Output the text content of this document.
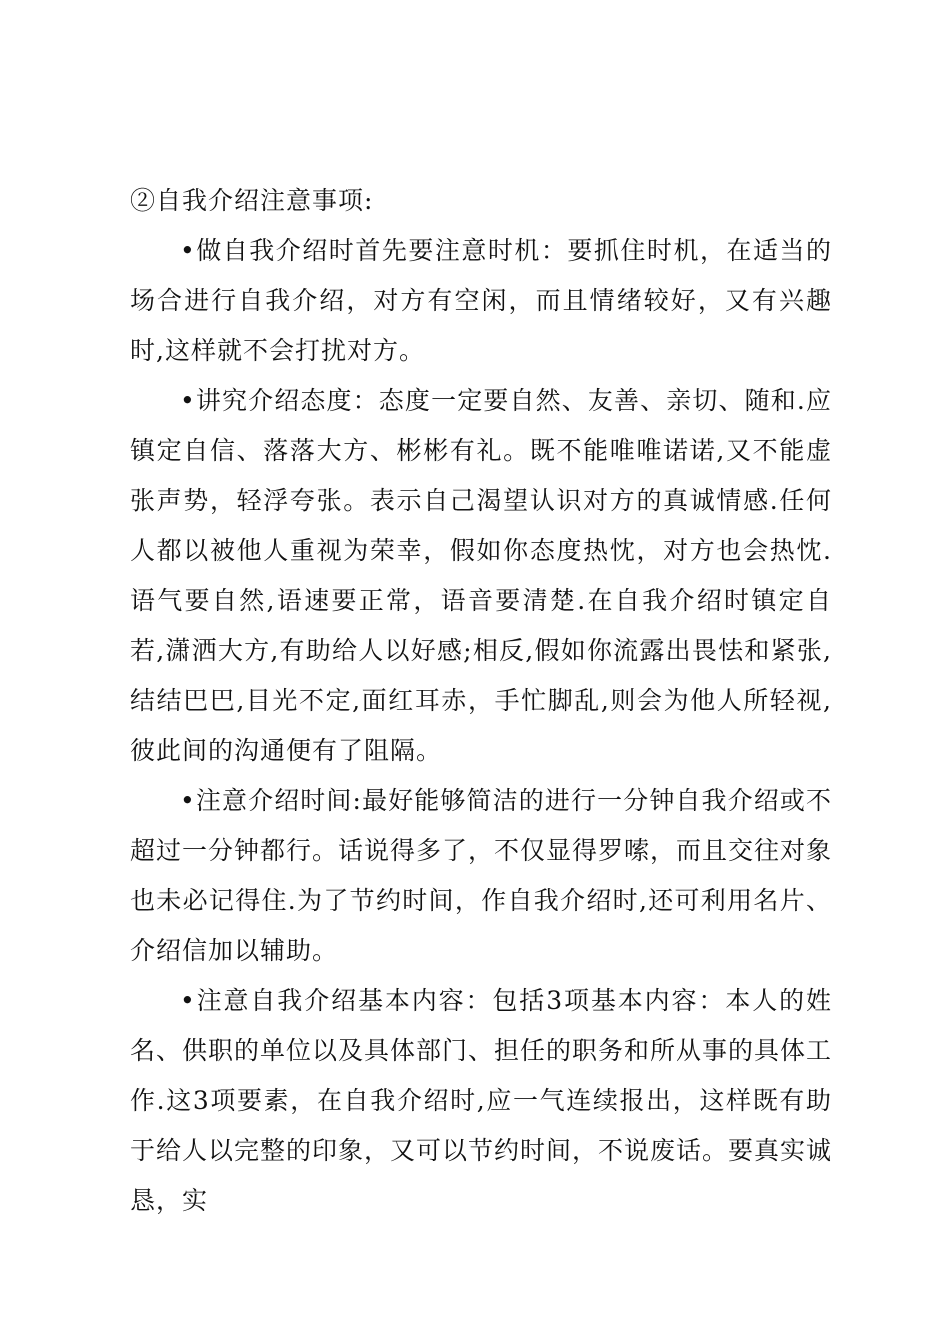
②自我介绍注意事项:

•做自我介绍时首先要注意时机：要抓住时机，在适当的场合进行自我介绍，对方有空闲，而且情绪较好，又有兴趣时,这样就不会打扰对方。

•讲究介绍态度：态度一定要自然、友善、亲切、随和.应镇定自信、落落大方、彬彬有礼。既不能唯唯诺诺,又不能虚张声势，轻浮夸张。表示自己渴望认识对方的真诚情感.任何人都以被他人重视为荣幸，假如你态度热忱，对方也会热忱.语气要自然,语速要正常，语音要清楚.在自我介绍时镇定自若,潇洒大方,有助给人以好感;相反,假如你流露出畏怯和紧张,结结巴巴,目光不定,面红耳赤，手忙脚乱,则会为他人所轻视,彼此间的沟通便有了阻隔。

•注意介绍时间:最好能够简洁的进行一分钟自我介绍或不超过一分钟都行。话说得多了，不仅显得罗嗦，而且交往对象也未必记得住.为了节约时间，作自我介绍时,还可利用名片、介绍信加以辅助。

•注意自我介绍基本内容：包括3项基本内容：本人的姓名、供职的单位以及具体部门、担任的职务和所从事的具体工作.这3项要素，在自我介绍时,应一气连续报出，这样既有助于给人以完整的印象，又可以节约时间，不说废话。要真实诚恳，实
